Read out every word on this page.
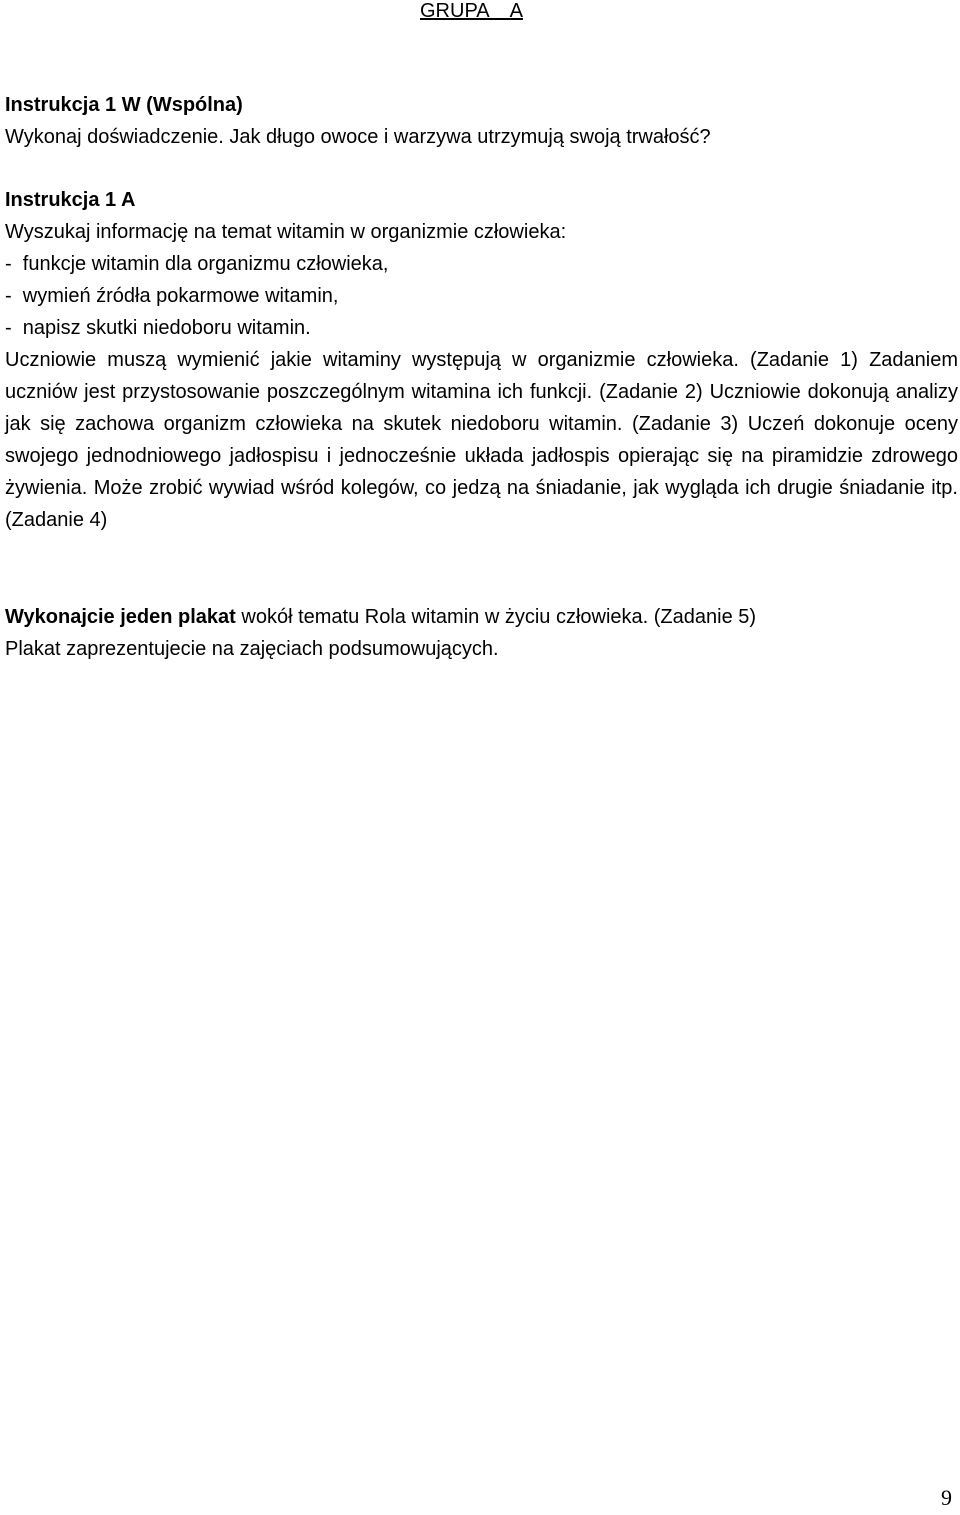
GRUPA    A

Instrukcja 1 W (Wspólna)

Wykonaj doświadczenie. Jak długo owoce i warzywa utrzymują swoją trwałość?

Instrukcja 1 A

Wyszukaj informację na temat witamin w organizmie człowieka:

-  funkcje witamin dla organizmu człowieka,

-  wymień źródła pokarmowe witamin,

-  napisz skutki niedoboru witamin.

Uczniowie muszą wymienić jakie witaminy występują w organizmie człowieka. (Zadanie 1) Zadaniem uczniów jest przystosowanie poszczególnym witamina ich funkcji. (Zadanie 2) Uczniowie dokonują analizy jak się zachowa organizm człowieka na skutek niedoboru witamin. (Zadanie 3) Uczeń dokonuje oceny swojego jednodniowego jadłospisu i jednocześnie układa jadłospis opierając się na piramidzie zdrowego żywienia. Może zrobić wywiad wśród kolegów, co jedzą na śniadanie, jak wygląda ich drugie śniadanie itp. (Zadanie 4)

Wykonajcie jeden plakat wokół tematu Rola witamin w życiu człowieka. (Zadanie 5)

Plakat zaprezentujecie na zajęciach podsumowujących.

9
